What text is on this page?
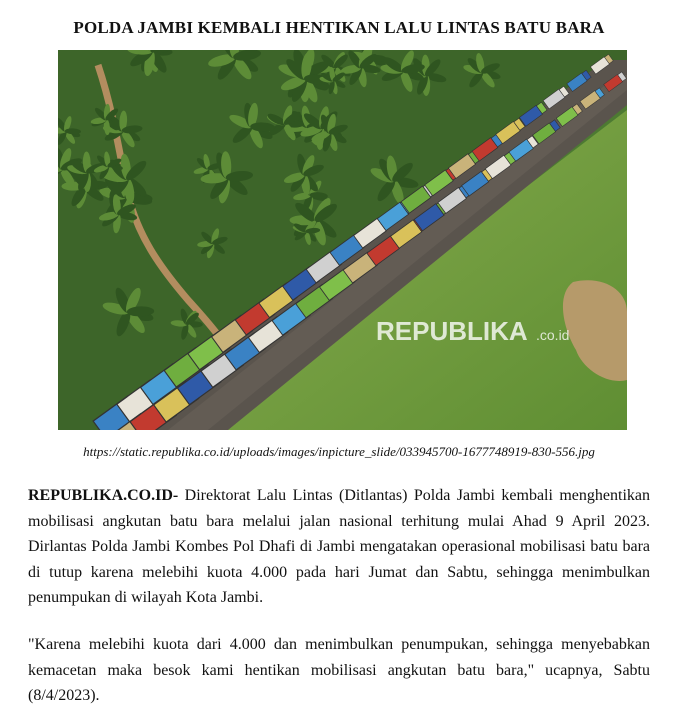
POLDA JAMBI KEMBALI HENTIKAN LALU LINTAS BATU BARA
REPUBLIKA .co.id
https://static.republika.co.id/uploads/images/inpicture_slide/033945700-1677748919-830-556.jpg

REPUBLIKA.CO.ID- Direktorat Lalu Lintas (Ditlantas) Polda Jambi kembali menghentikan mobilisasi angkutan batu bara melalui jalan nasional terhitung mulai Ahad 9 April 2023. Dirlantas Polda Jambi Kombes Pol Dhafi di Jambi mengatakan operasional mobilisasi batu bara di tutup karena melebihi kuota 4.000 pada hari Jumat dan Sabtu, sehingga menimbulkan penumpukan di wilayah Kota Jambi.

"Karena melebihi kuota dari 4.000 dan menimbulkan penumpukan, sehingga menyebabkan kemacetan maka besok kami hentikan mobilisasi angkutan batu bara," ucapnya, Sabtu (8/4/2023).
